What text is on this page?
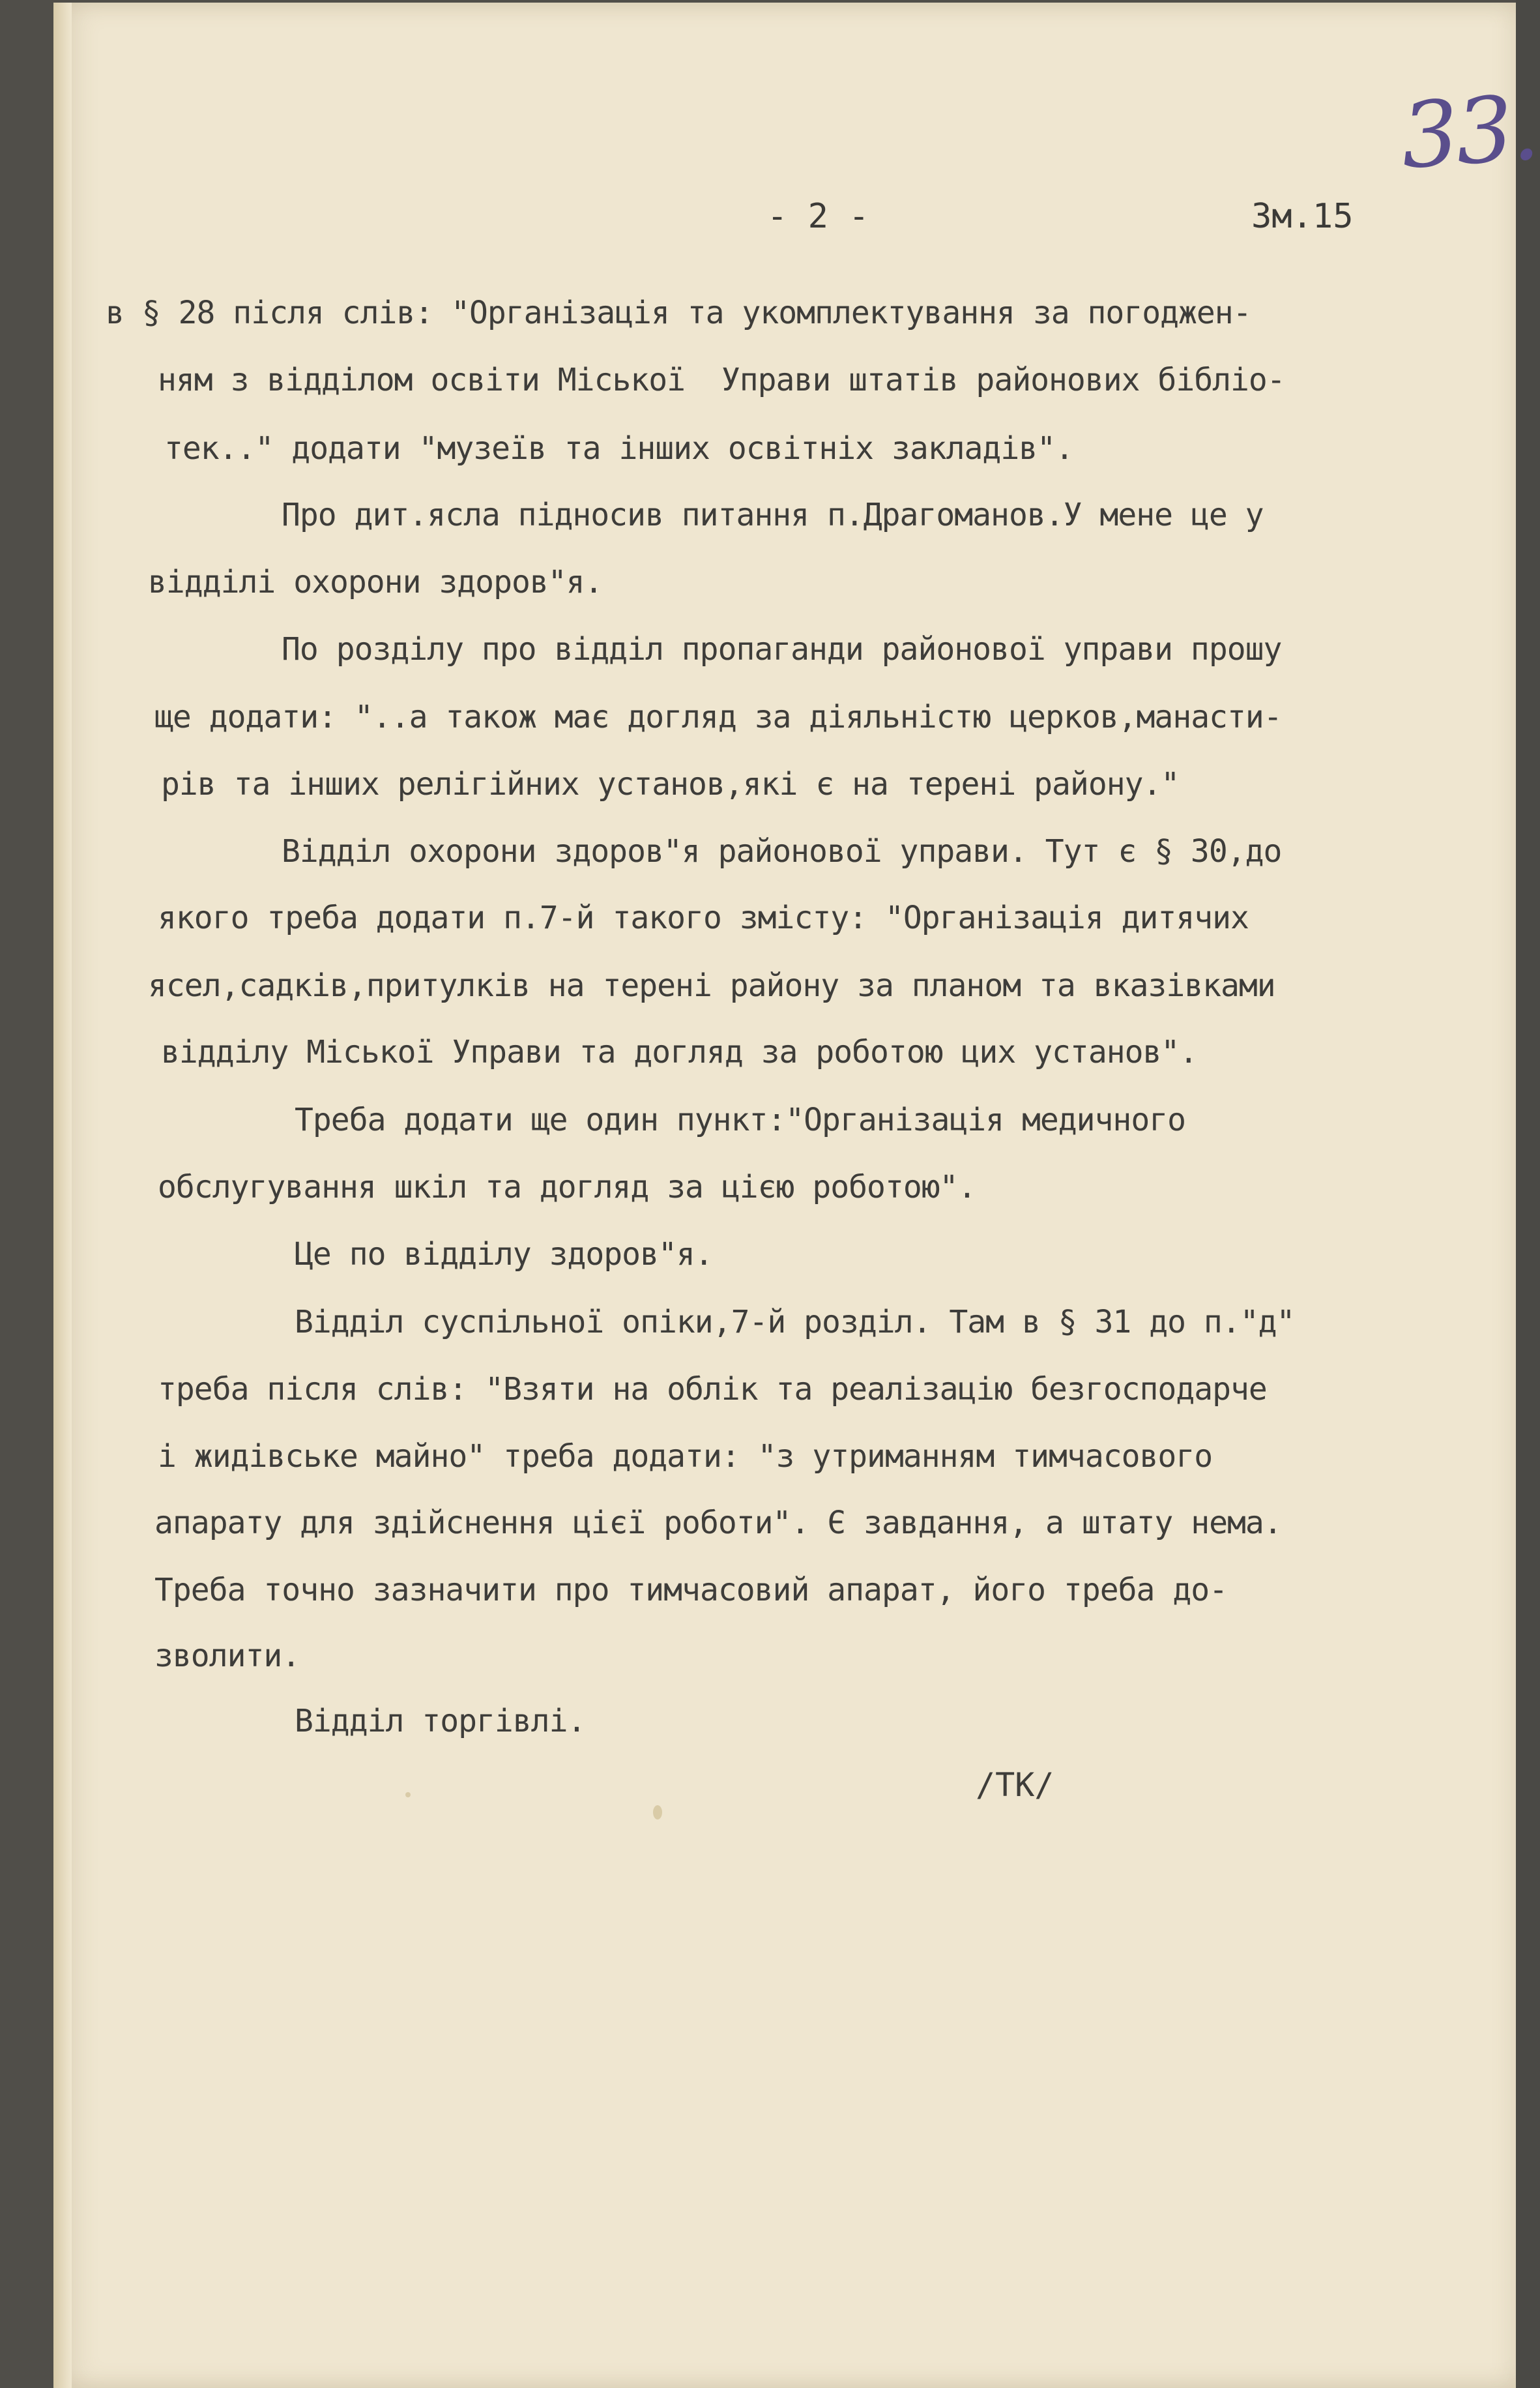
33.
- 2 -	Зм.15
в § 28 після слів: "Організація та укомплектування за погоджен-
ням з відділом освіти Міської  Управи штатів районових бібліо-
тек.." додати "музеїв та інших освітніх закладів".
Про дит.ясла підносив питання п.Драгоманов.У мене це у
відділі охорони здоров"я.
По розділу про відділ пропаганди районової управи прошу
ще додати: "..а також має догляд за діяльністю церков,манасти-
рів та інших релігійних установ,які є на терені району."
Відділ охорони здоров"я районової управи. Тут є § 30,до
якого треба додати п.7-й такого змісту: "Організація дитячих
ясел,садків,притулків на терені району за планом та вказівками
відділу Міської Управи та догляд за роботою цих установ".
Треба додати ще один пункт:"Організація медичного
обслугування шкіл та догляд за цією роботою".
Це по відділу здоров"я.
Відділ суспільної опіки,7-й розділ. Там в § 31 до п."д"
треба після слів: "Взяти на облік та реалізацію безгосподарче
і жидівське майно" треба додати: "з утриманням тимчасового
апарату для здійснення цієї роботи". Є завдання, а штату нема.
Треба точно зазначити про тимчасовий апарат, його треба до-
зволити.
Відділ торгівлі.
/ТК/
